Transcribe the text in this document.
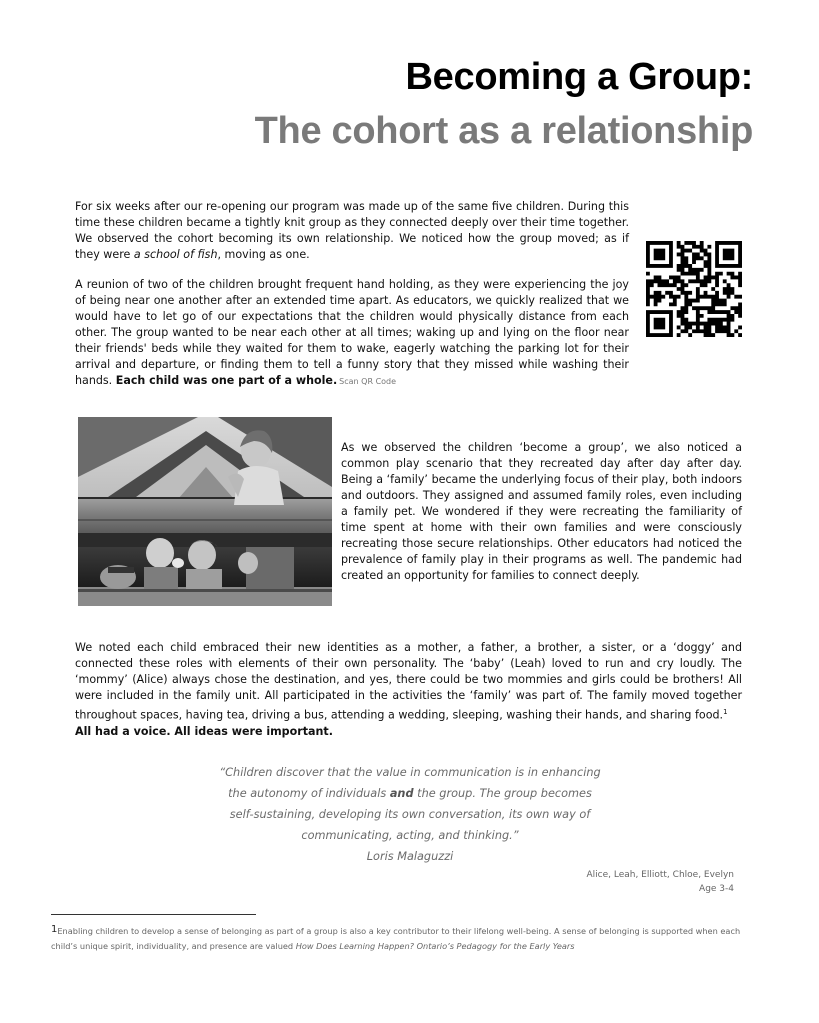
Becoming a Group:
The cohort as a relationship

For six weeks after our re-opening our program was made up of the same five children. During this time these children became a tightly knit group as they connected deeply over their time together. We observed the cohort becoming its own relationship. We noticed how the group moved; as if they were a school of fish, moving as one.

A reunion of two of the children brought frequent hand holding, as they were experiencing the joy of being near one another after an extended time apart. As educators, we quickly realized that we would have to let go of our expectations that the children would physically distance from each other. The group wanted to be near each other at all times; waking up and lying on the floor near their friends' beds while they waited for them to wake, eagerly watching the parking lot for their arrival and departure, or finding them to tell a funny story that they missed while washing their hands. Each child was one part of a whole. Scan QR Code

As we observed the children ‘become a group’, we also noticed a common play scenario that they recreated day after day after day. Being a ‘family’ became the underlying focus of their play, both indoors and outdoors. They assigned and assumed family roles, even including a family pet. We wondered if they were recreating the familiarity of time spent at home with their own families and were consciously recreating those secure relationships. Other educators had noticed the prevalence of family play in their programs as well. The pandemic had created an opportunity for families to connect deeply.

We noted each child embraced their new identities as a mother, a father, a brother, a sister, or a ‘doggy’ and connected these roles with elements of their own personality. The ‘baby’ (Leah) loved to run and cry loudly. The ‘mommy’ (Alice) always chose the destination, and yes, there could be two mommies and girls could be brothers! All were included in the family unit. All participated in the activities the ‘family’ was part of. The family moved together throughout spaces, having tea, driving a bus, attending a wedding, sleeping, washing their hands, and sharing food.$^1$
All had a voice. All ideas were important.

“Children discover that the value in communication is in enhancing
the autonomy of individuals and the group. The group becomes
self-sustaining, developing its own conversation, its own way of
communicating, acting, and thinking.”
Loris Malaguzzi
Alice, Leah, Elliott, Chloe, Evelyn
Age 3-4
$^1$Enabling children to develop a sense of belonging as part of a group is also a key contributor to their lifelong well-being. A sense of belonging is supported when each child’s unique spirit, individuality, and presence are valued How Does Learning Happen? Ontario’s Pedagogy for the Early Years
